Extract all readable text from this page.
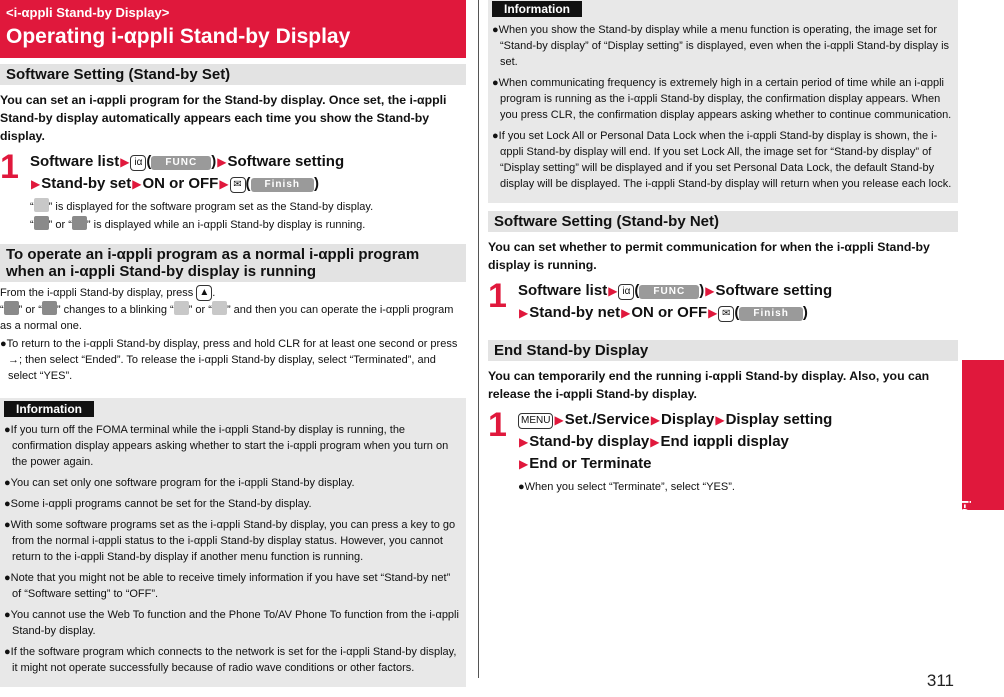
<i-αppli Stand-by Display>
Operating i-αppli Stand-by Display
Software Setting (Stand-by Set)
You can set an i-αppli program for the Stand-by display. Once set, the i-αppli Stand-by display automatically appears each time you show the Stand-by display.
1 Software list▶ iα ( FUNC )▶Software setting
▶Stand-by set▶ON or OFF▶ ✉ ( Finish )
“ ” is displayed for the software program set as the Stand-by display.
“ ” or “ ” is displayed while an i-αppli Stand-by display is running.
To operate an i-αppli program as a normal i-αppli program when an i-αppli Stand-by display is running
From the i-αppli Stand-by display, press ▲ .
“ ” or “ ” changes to a blinking “ ” or “ ” and then you can operate the i-αppli program as a normal one.
●To return to the i-αppli Stand-by display, press and hold CLR for at least one second or press →; then select “Ended”. To release the i-αppli Stand-by display, select “Terminated”, and select “YES”.
Information
●If you turn off the FOMA terminal while the i-αppli Stand-by display is running, the confirmation display appears asking whether to start the i-αppli program when you turn on the power again.
●You can set only one software program for the i-αppli Stand-by display.
●Some i-αppli programs cannot be set for the Stand-by display.
●With some software programs set as the i-αppli Stand-by display, you can press a key to go from the normal i-αppli status to the i-αppli Stand-by display status. However, you cannot return to the i-αppli Stand-by display if another menu function is running.
●Note that you might not be able to receive timely information if you have set “Stand-by net” of “Software setting” to “OFF”.
●You cannot use the Web To function and the Phone To/AV Phone To function from the i-αppli Stand-by display.
●If the software program which connects to the network is set for the i-αppli Stand-by display, it might not operate successfully because of radio wave conditions or other factors.
Information
●When you show the Stand-by display while a menu function is operating, the image set for “Stand-by display” of “Display setting” is displayed, even when the i-αppli Stand-by display is set.
●When communicating frequency is extremely high in a certain period of time while an i-αppli program is running as the i-αppli Stand-by display, the confirmation display appears. When you press CLR, the confirmation display appears asking whether to continue communication.
●If you set Lock All or Personal Data Lock when the i-αppli Stand-by display is shown, the i-αppli Stand-by display will end. If you set Lock All, the image set for “Stand-by display” of “Display setting” will be displayed and if you set Personal Data Lock, the default Stand-by display will be displayed. The i-αppli Stand-by display will return when you release each lock.
Software Setting (Stand-by Net)
You can set whether to permit communication for when the i-αppli Stand-by display is running.
1 Software list▶ iα ( FUNC )▶Software setting
▶Stand-by net▶ON or OFF▶ ✉ ( Finish )
End Stand-by Display
You can temporarily end the running i-αppli Stand-by display. Also, you can release the i-αppli Stand-by display.
1	MENU ▶Set./Service▶Display▶Display setting
▶Stand-by display▶End iαppli display
▶End or Terminate
●When you select “Terminate”, select “YES”.
i-αppli/i-Widget
311
